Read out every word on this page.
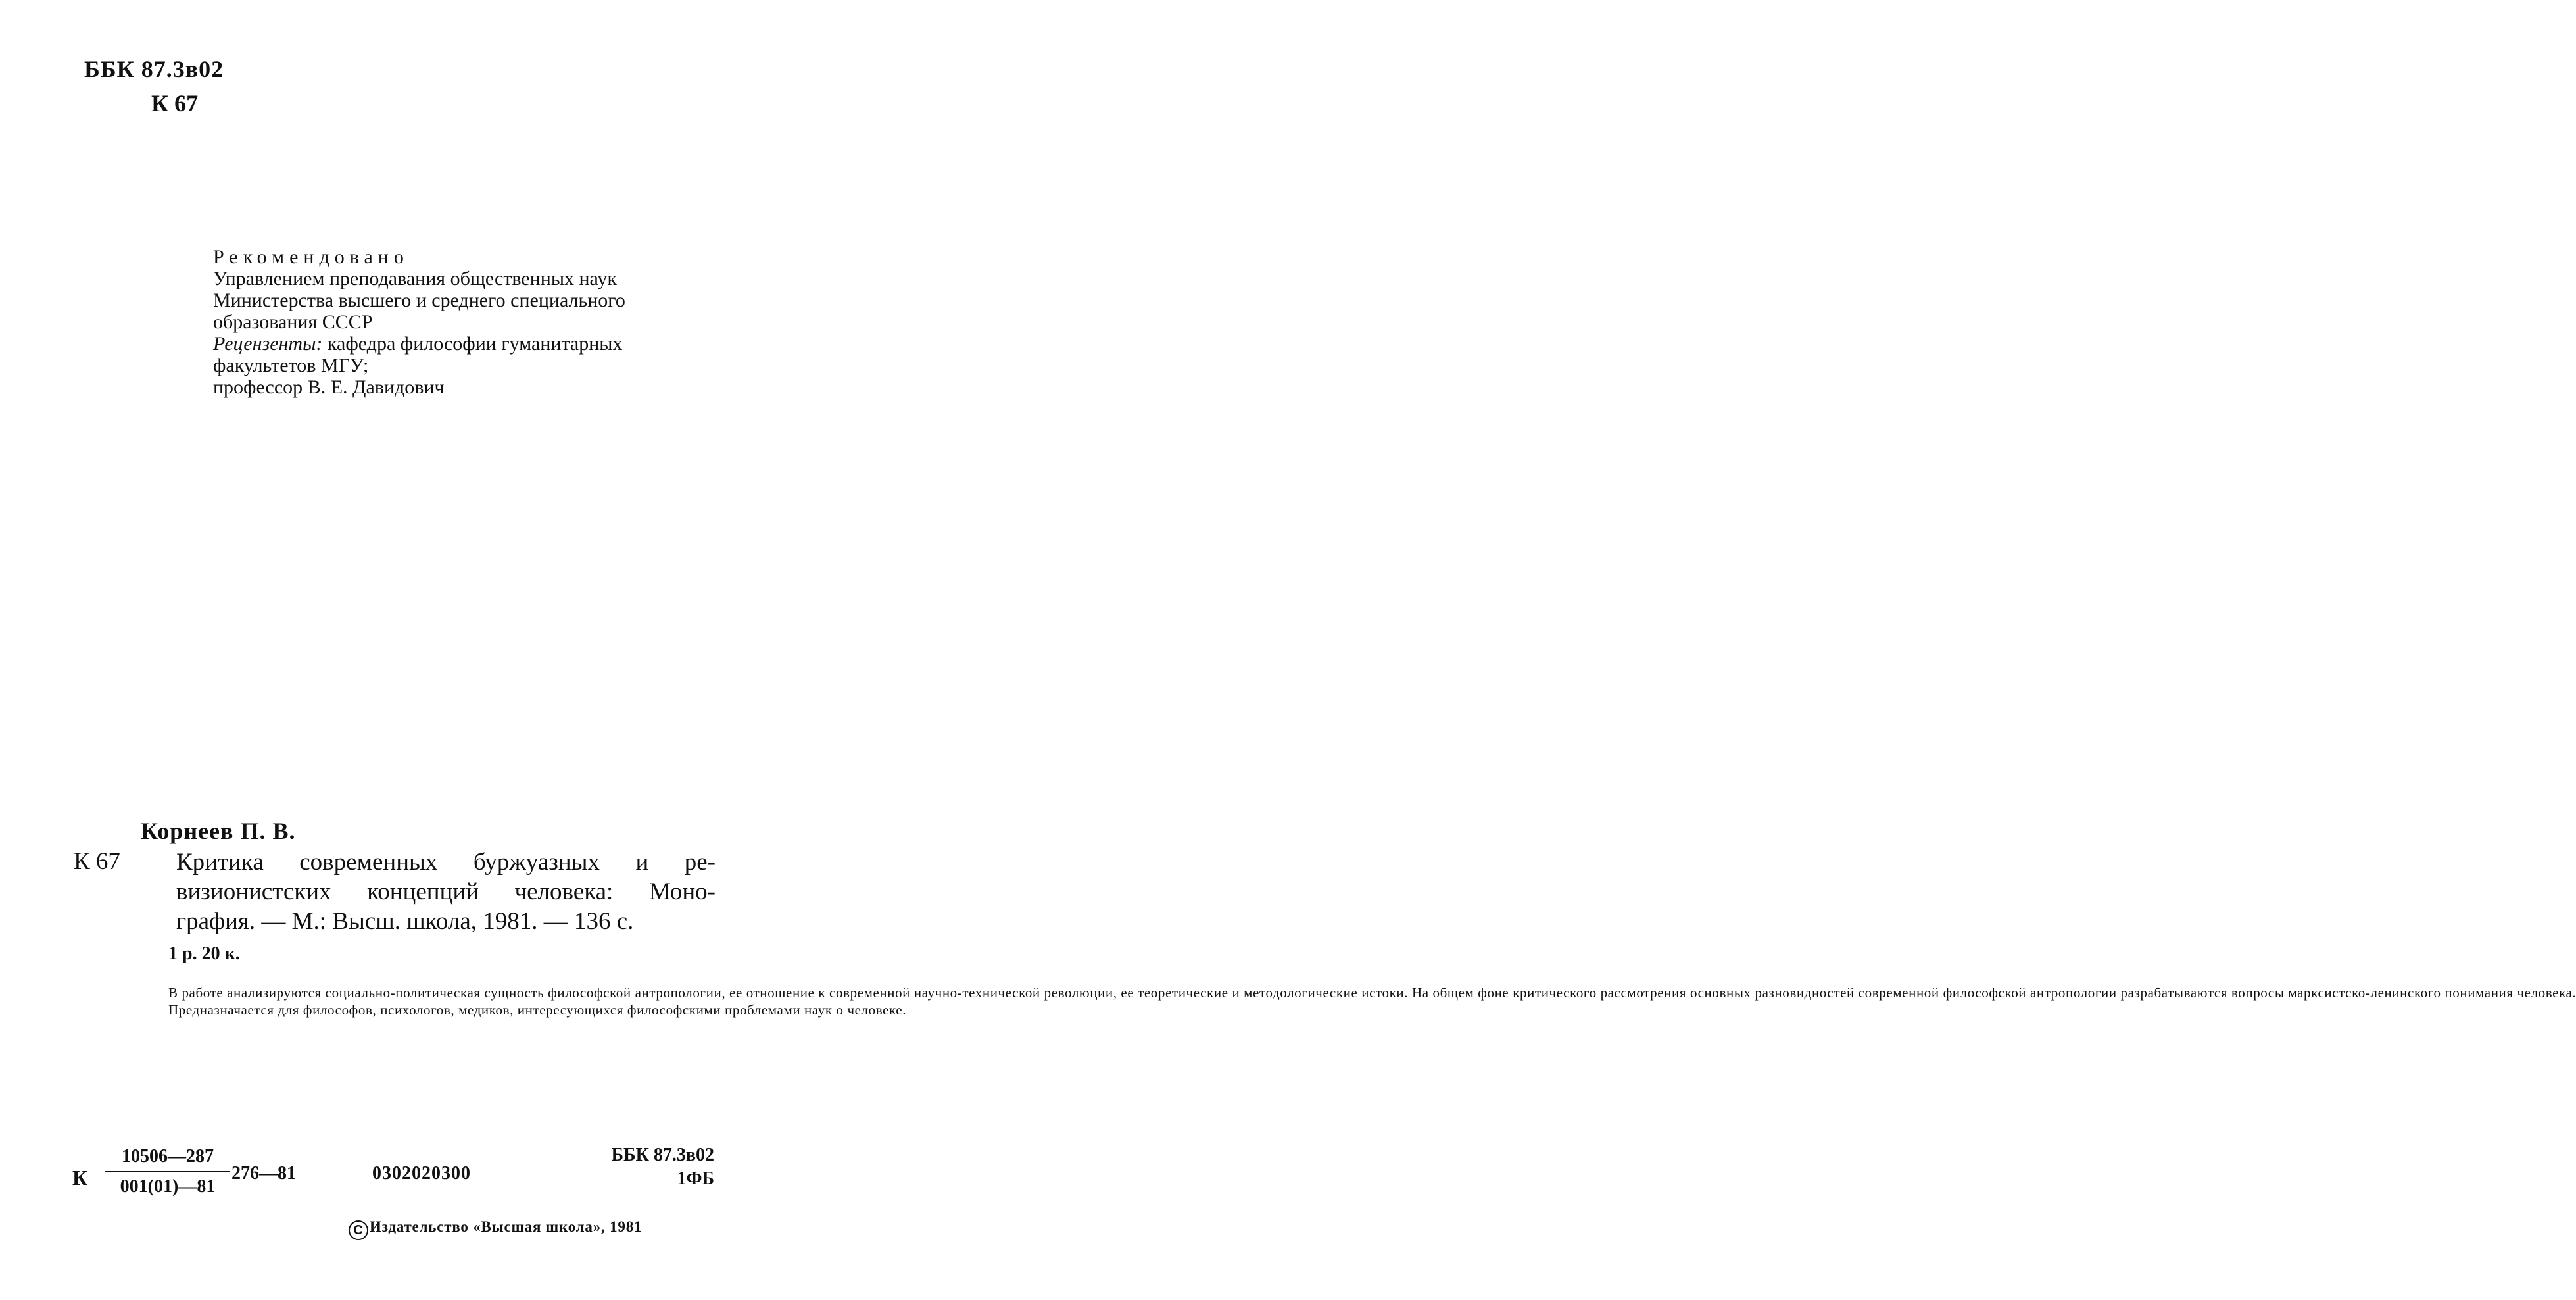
ББК 87.3в02
К 67
Рекомендовано
Управлением преподавания общественных наук
Министерства высшего и среднего специального
образования СССР
Рецензенты: кафедра философии гуманитарных
факультетов МГУ;
профессор В. Е. Давидович
Корнеев П. В.
К 67 Критика современных буржуазных и ре-
визионистских концепций человека: Моно-
графия. — М.: Высш. школа, 1981. — 136 с.
1 р. 20 к.

В работе анализируются социально-политическая сущность философской антропологии, ее отношение к современной научно-технической революции, ее теоретические и методологические истоки. На общем фоне критического рассмотрения основных разновидностей современной философской антропологии разрабатываются вопросы марксистско-ленинского понимания человека.

Предназначается для философов, психологов, медиков, интересующихся философскими проблемами наук о человеке.

К $\frac{10506—287}{001(01)—81}$ 276—81	0302020300
ББК 87.3в02
1ФБ
C Издательство «Высшая школа», 1981
